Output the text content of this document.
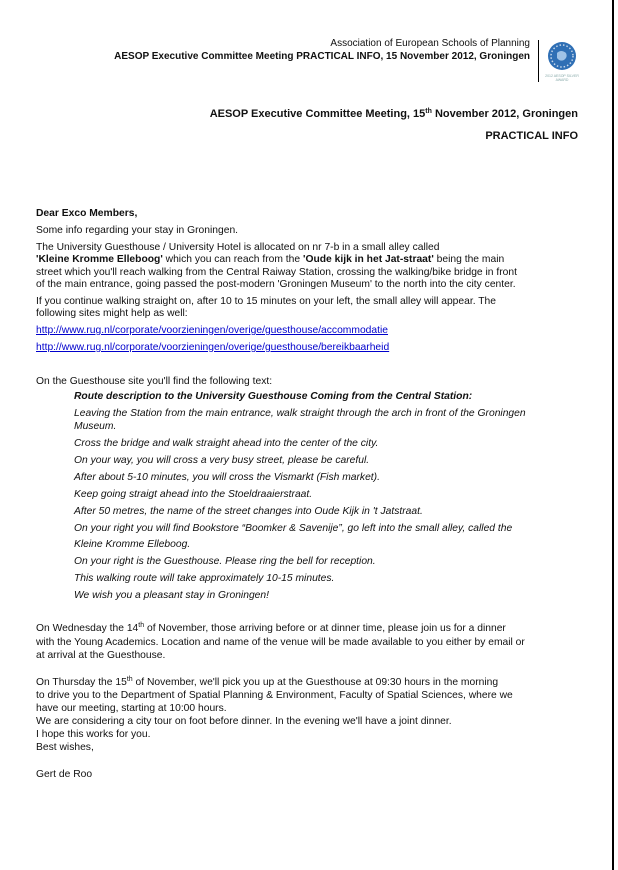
Association of European Schools of Planning
AESOP Executive Committee Meeting PRACTICAL INFO, 15 November 2012, Groningen
2012 AESOP SILVER AWARD
AESOP Executive Committee Meeting, 15th November 2012, Groningen
PRACTICAL INFO
Dear Exco Members,
Some info regarding your stay in Groningen.
The University Guesthouse / University Hotel is allocated on nr 7-b in a small alley called
'Kleine Kromme Elleboog' which you can reach from the 'Oude kijk in het Jat-straat' being the main
street which you'll reach walking from the Central Raiway Station, crossing the walking/bike bridge in front
of the main entrance, going passed the post-modern 'Groningen Museum' to the north into the city center.
If you continue walking straight on, after 10 to 15 minutes on your left, the small alley will appear. The
following sites might help as well:
http://www.rug.nl/corporate/voorzieningen/overige/guesthouse/accommodatie
http://www.rug.nl/corporate/voorzieningen/overige/guesthouse/bereikbaarheid
On the Guesthouse site you'll find the following text:
Route description to the University Guesthouse Coming from the Central Station:
Leaving the Station from the main entrance, walk straight through the arch in front of the Groningen
Museum.
Cross the bridge and walk straight ahead into the center of the city.
On your way, you will cross a very busy street, please be careful.
After about 5-10 minutes, you will cross the Vismarkt (Fish market).
Keep going straigt ahead into the Stoeldraaierstraat.
After 50 metres, the name of the street changes into Oude Kijk in 't Jatstraat.
On your right you will find Bookstore “Boomker & Savenije”, go left into the small alley, called the
Kleine Kromme Elleboog.
On your right is the Guesthouse. Please ring the bell for reception.
This walking route will take approximately 10-15 minutes.
We wish you a pleasant stay in Groningen!
On Wednesday the 14th of November, those arriving before or at dinner time, please join us for a dinner
with the Young Academics. Location and name of the venue will be made available to you either by email or
at arrival at the Guesthouse.
On Thursday the 15th of November, we'll pick you up at the Guesthouse at 09:30 hours in the morning
to drive you to the Department of Spatial Planning & Environment, Faculty of Spatial Sciences, where we
have our meeting, starting at 10:00 hours.
We are considering a city tour on foot before dinner. In the evening we'll have a joint dinner.
I hope this works for you.
Best wishes,
Gert de Roo
